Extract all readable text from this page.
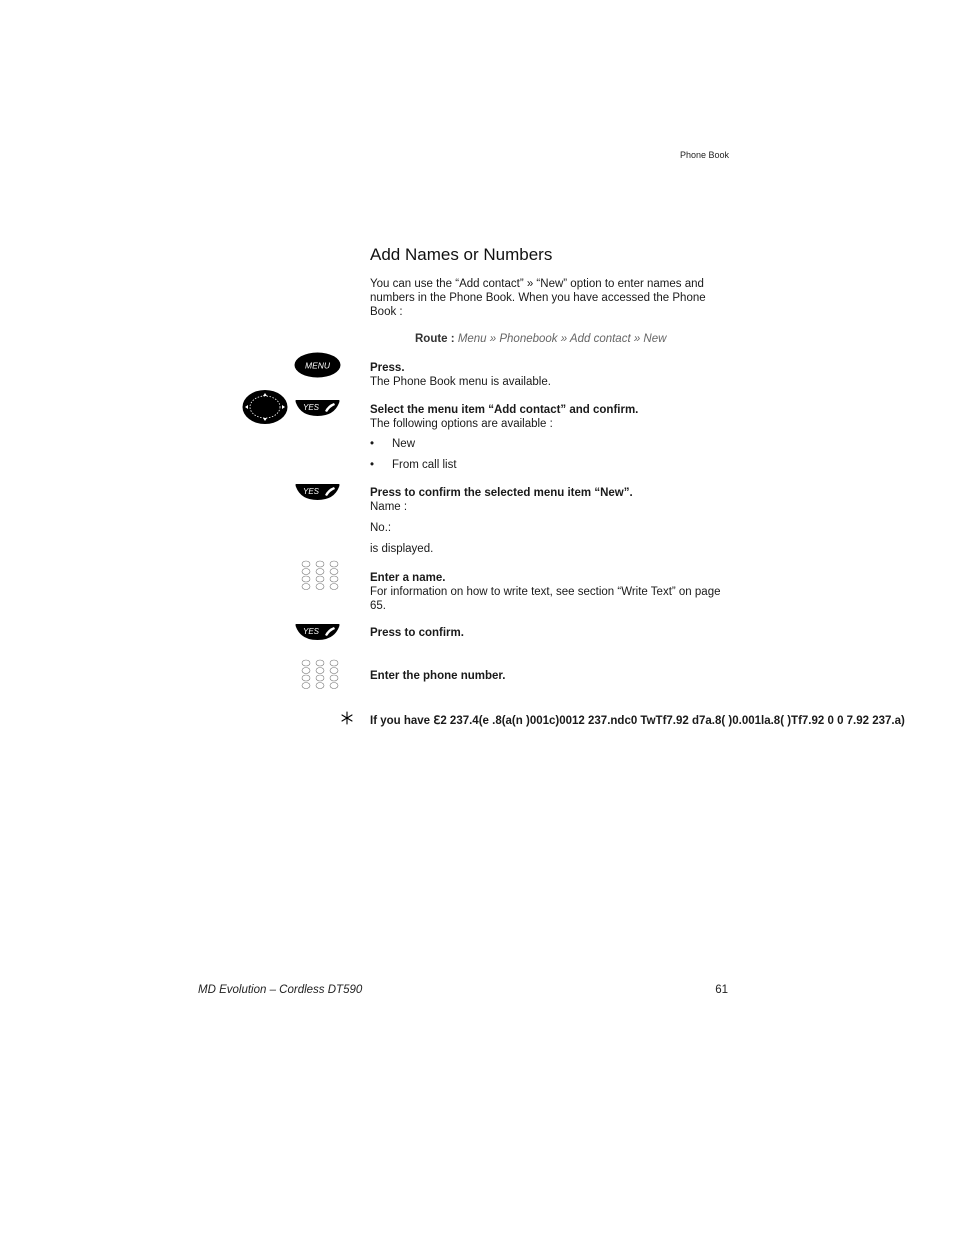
Phone Book
Add Names or Numbers
You can use the “Add contact” » “New” option to enter names and numbers in the Phone Book. When you have accessed the Phone Book :
Route : Menu » Phonebook » Add contact » New
MENU	Press.

The Phone Book menu is available.

YES	Select the menu item “Add contact” and confirm.

The following options are available :

• New
• From call list
YES	Press to confirm the selected menu item “New”.
Name :
No.:
is displayed.
Enter a name.

For information on how to write text, see section “Write Text” on page 65.

YES	Press to confirm.
Enter the phone number.
If you have ℇ2 237.4(e .8(a(n )001c)0012 237.ndc0 TwTf7.92 d7a.8( )0.001la.8( )Tf7.92 0 0 7.92 237.a)
MD Evolution – Cordless DT590	61
